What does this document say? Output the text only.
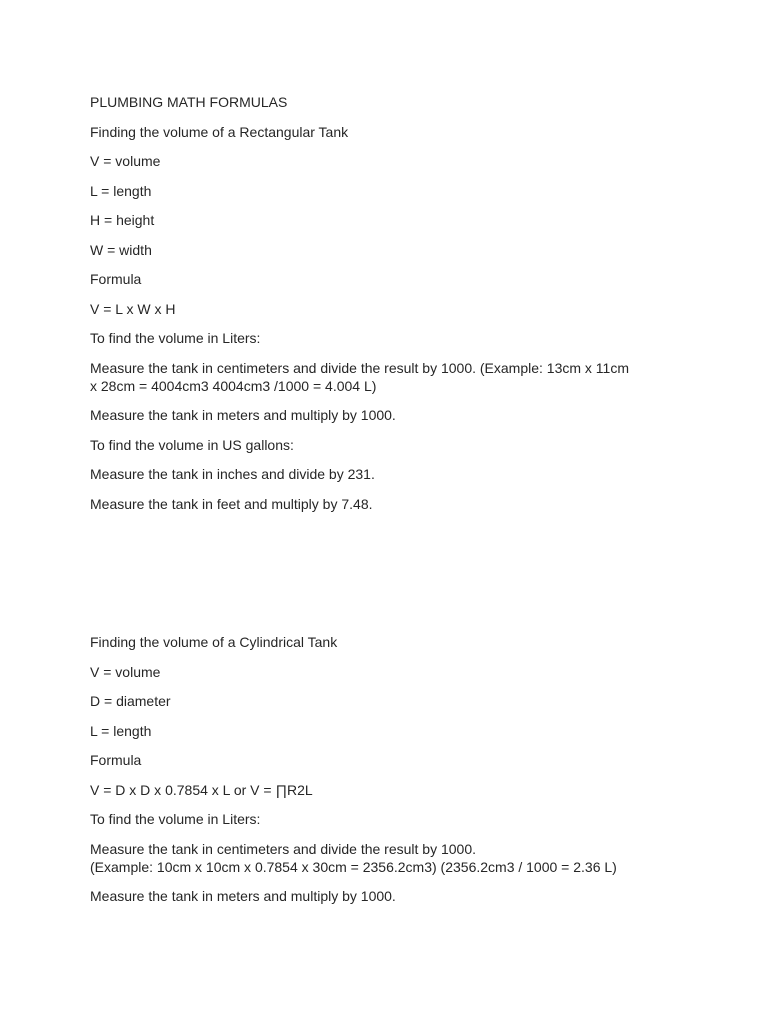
PLUMBING MATH FORMULAS
Finding the volume of a Rectangular Tank
V = volume
L = length
H = height
W = width
Formula
V = L x W x H
To find the volume in Liters:
Measure the tank in centimeters and divide the result by 1000. (Example: 13cm x 11cm
x 28cm = 4004cm3 4004cm3 /1000 = 4.004 L)
Measure the tank in meters and multiply by 1000.
To find the volume in US gallons:
Measure the tank in inches and divide by 231.
Measure the tank in feet and multiply by 7.48.
Finding the volume of a Cylindrical Tank
V = volume
D = diameter
L = length
Formula
V = D x D x 0.7854 x L or V = ∏R2L
To find the volume in Liters:
Measure the tank in centimeters and divide the result by 1000.
(Example: 10cm x 10cm x 0.7854 x 30cm = 2356.2cm3) (2356.2cm3 / 1000 = 2.36 L)
Measure the tank in meters and multiply by 1000.
